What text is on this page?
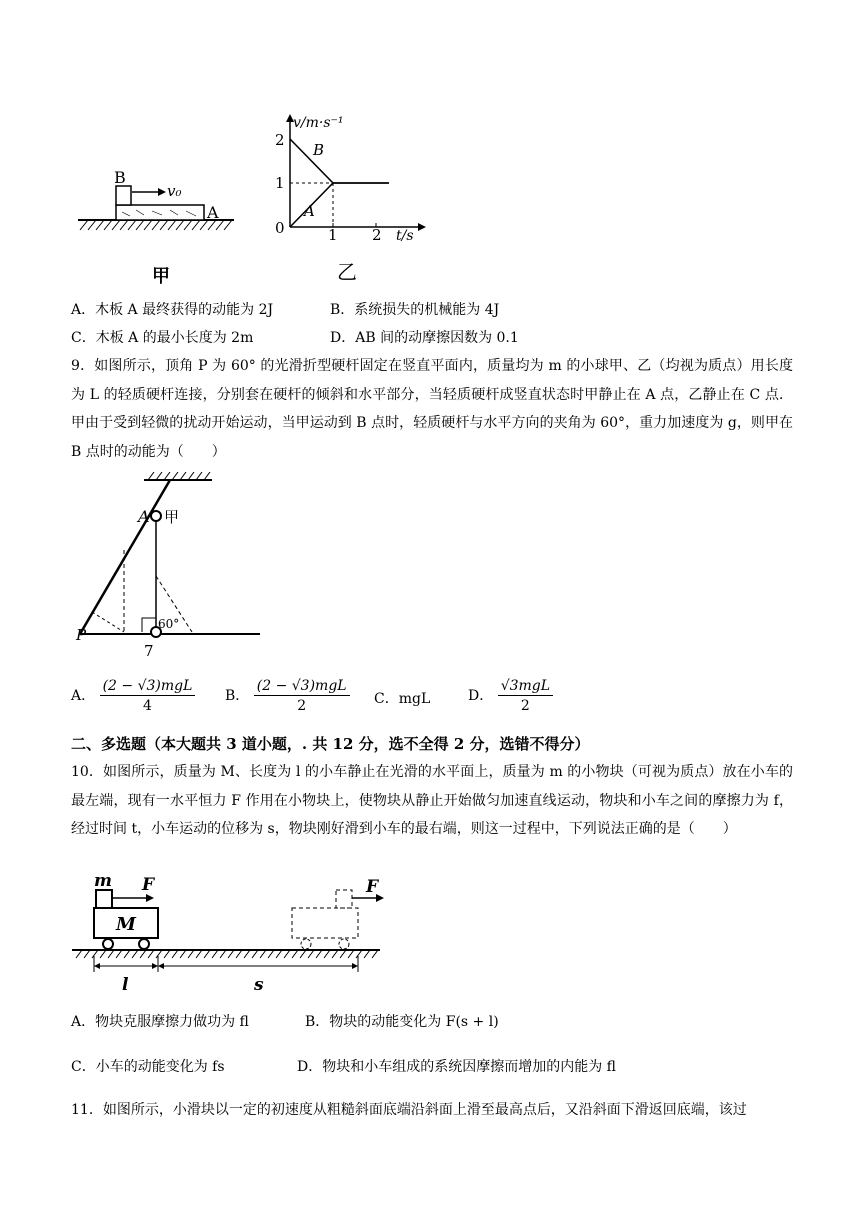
B
v₀
A
甲
2
1
0	1 2
v/m·s⁻¹
t/s
B
A
乙
A．木板 A 最终获得的动能为 2J	B．系统损失的机械能为 4J
C．木板 A 的最小长度为 2m	D．AB 间的动摩擦因数为 0.1
9．如图所示，顶角 P 为 60° 的光滑折型硬杆固定在竖直平面内，质量均为 m 的小球甲、乙（均视为质点）用长度为 L 的轻质硬杆连接，分别套在硬杆的倾斜和水平部分，当轻质硬杆成竖直状态时甲静止在 A 点，乙静止在 C 点．甲由于受到轻微的扰动开始运动，当甲运动到 B 点时，轻质硬杆与水平方向的夹角为 60°，重力加速度为 g，则甲在 B 点时的动能为（　　）
A 甲
60°
P
7
A． $\frac{\text{(2 − √3)mgL}}{4}$ B． $\frac{\text{(2 − √3)mgL}}{2}$ C．mgL	D． $\frac{\text{√3mgL}}{2}$
二、多选题（本大题共 3 道小题，. 共 12 分，选不全得 2 分，选错不得分）
10．如图所示，质量为 M、长度为 l 的小车静止在光滑的水平面上，质量为 m 的小物块（可视为质点）放在小车的最左端，现有一水平恒力 F 作用在小物块上，使物块从静止开始做匀加速直线运动，物块和小车之间的摩擦力为 f，经过时间 t，小车运动的位移为 s，物块刚好滑到小车的最右端，则这一过程中，下列说法正确的是（　　）
m F
M
F
l	s
A．物块克服摩擦力做功为 fl	B．物块的动能变化为 F(s + l)
C．小车的动能变化为 fs	D．物块和小车组成的系统因摩擦而增加的内能为 fl
11．如图所示，小滑块以一定的初速度从粗糙斜面底端沿斜面上滑至最高点后，又沿斜面下滑返回底端，该过
